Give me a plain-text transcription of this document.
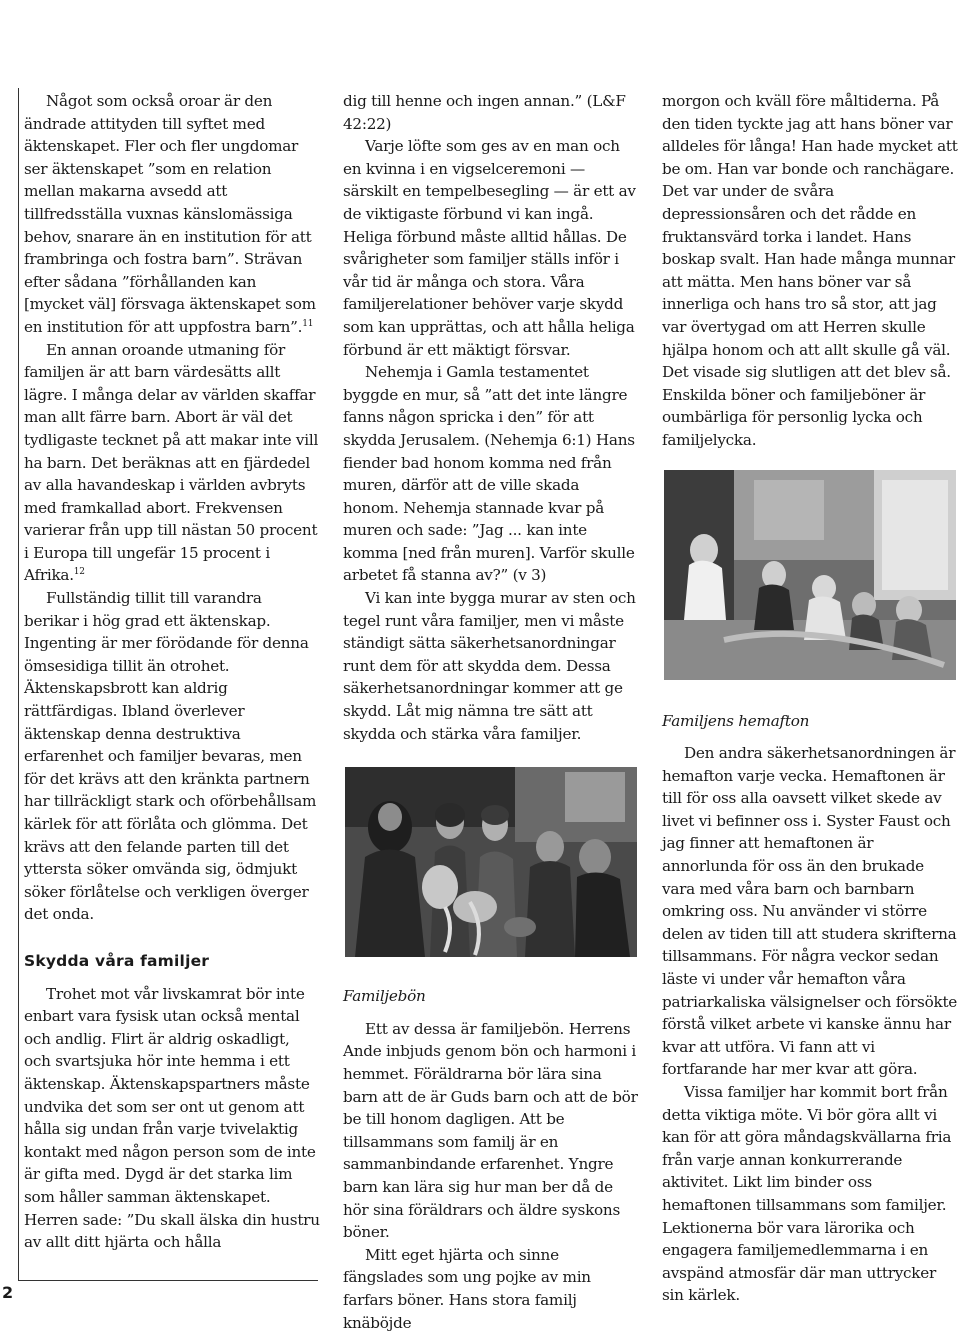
2

Något som också oroar är den ändrade attityden till syftet med äktenskapet. Fler och fler ungdomar ser äktenskapet ”som en relation mellan makarna avsedd att tillfredsställa vuxnas känslomässiga behov, snarare än en institution för att frambringa och fostra barn”. Strävan efter sådana ”förhållanden kan [mycket väl] försvaga äktenskapet som en institution för att uppfostra barn”.$^{11}$

En annan oroande utmaning för familjen är att barn värdesätts allt lägre. I många delar av världen skaffar man allt färre barn. Abort är väl det tydligaste tecknet på att makar inte vill ha barn. Det beräknas att en fjärdedel av alla havandeskap i världen avbryts med framkallad abort. Frekvensen varierar från upp till nästan 50 procent i Europa till ungefär 15 procent i Afrika.$^{12}$

Fullständig tillit till varandra berikar i hög grad ett äktenskap. Ingenting är mer förödande för denna ömsesidiga tillit än otrohet. Äktenskapsbrott kan aldrig rättfärdigas. Ibland överlever äktenskap denna destruktiva erfarenhet och familjer bevaras, men för det krävs att den kränkta partnern har tillräckligt stark och oförbehållsam kärlek för att förlåta och glömma. Det krävs att den felande parten till det yttersta söker omvända sig, ödmjukt söker förlåtelse och verkligen överger det onda.

Skydda våra familjer

Trohet mot vår livskamrat bör inte enbart vara fysisk utan också mental och andlig. Flirt är aldrig oskadligt, och svartsjuka hör inte hemma i ett äktenskap. Äktenskapspartners måste undvika det som ser ont ut genom att hålla sig undan från varje tvivelaktig kontakt med någon person som de inte är gifta med. Dygd är det starka lim som håller samman äktenskapet. Herren sade: ”Du skall älska din hustru av allt ditt hjärta och hålla

dig till henne och ingen annan.” (L&F 42:22)

Varje löfte som ges av en man och en kvinna i en vigselceremoni — särskilt en tempelbesegling — är ett av de viktigaste förbund vi kan ingå. Heliga förbund måste alltid hållas. De svårigheter som familjer ställs inför i vår tid är många och stora. Våra familjerelationer behöver varje skydd som kan upprättas, och att hålla heliga förbund är ett mäktigt försvar.

Nehemja i Gamla testamentet byggde en mur, så ”att det inte längre fanns någon spricka i den” för att skydda Jerusalem. (Nehemja 6:1) Hans fiender bad honom komma ned från muren, därför att de ville skada honom. Nehemja stannade kvar på muren och sade: ”Jag ... kan inte komma [ned från muren]. Varför skulle arbetet få stanna av?” (v 3)

Vi kan inte bygga murar av sten och tegel runt våra familjer, men vi måste ständigt sätta säkerhetsanordningar runt dem för att skydda dem. Dessa säkerhetsanordningar kommer att ge skydd. Låt mig nämna tre sätt att skydda och stärka våra familjer.

Familjebön

Ett av dessa är familjebön. Herrens Ande inbjuds genom bön och harmoni i hemmet. Föräldrarna bör lära sina barn att de är Guds barn och att de bör be till honom dagligen. Att be tillsammans som familj är en sammanbindande erfarenhet. Yngre barn kan lära sig hur man ber då de hör sina föräldrars och äldre syskons böner.

Mitt eget hjärta och sinne fängslades som ung pojke av min farfars böner. Hans stora familj knäböjde

morgon och kväll före måltiderna. På den tiden tyckte jag att hans böner var alldeles för långa! Han hade mycket att be om. Han var bonde och ranchägare. Det var under de svåra depressionsåren och det rådde en fruktansvärd torka i landet. Hans boskap svalt. Han hade många munnar att mätta. Men hans böner var så innerliga och hans tro så stor, att jag var övertygad om att Herren skulle hjälpa honom och att allt skulle gå väl. Det visade sig slutligen att det blev så. Enskilda böner och familjeböner är oumbärliga för personlig lycka och familjelycka.

Familjens hemafton

Den andra säkerhetsanordningen är hemafton varje vecka. Hemaftonen är till för oss alla oavsett vilket skede av livet vi befinner oss i. Syster Faust och jag finner att hemaftonen är annorlunda för oss än den brukade vara med våra barn och barnbarn omkring oss. Nu använder vi större delen av tiden till att studera skrifterna tillsammans. För några veckor sedan läste vi under vår hemafton våra patriarkaliska välsignelser och försökte förstå vilket arbete vi kanske ännu har kvar att utföra. Vi fann att vi fortfarande har mer kvar att göra.

Vissa familjer har kommit bort från detta viktiga möte. Vi bör göra allt vi kan för att göra måndagskvällarna fria från varje annan konkurrerande aktivitet. Likt lim binder oss hemaftonen tillsammans som familjer. Lektionerna bör vara lärorika och engagera familjemedlemmarna i en avspänd atmosfär där man uttrycker sin kärlek.
